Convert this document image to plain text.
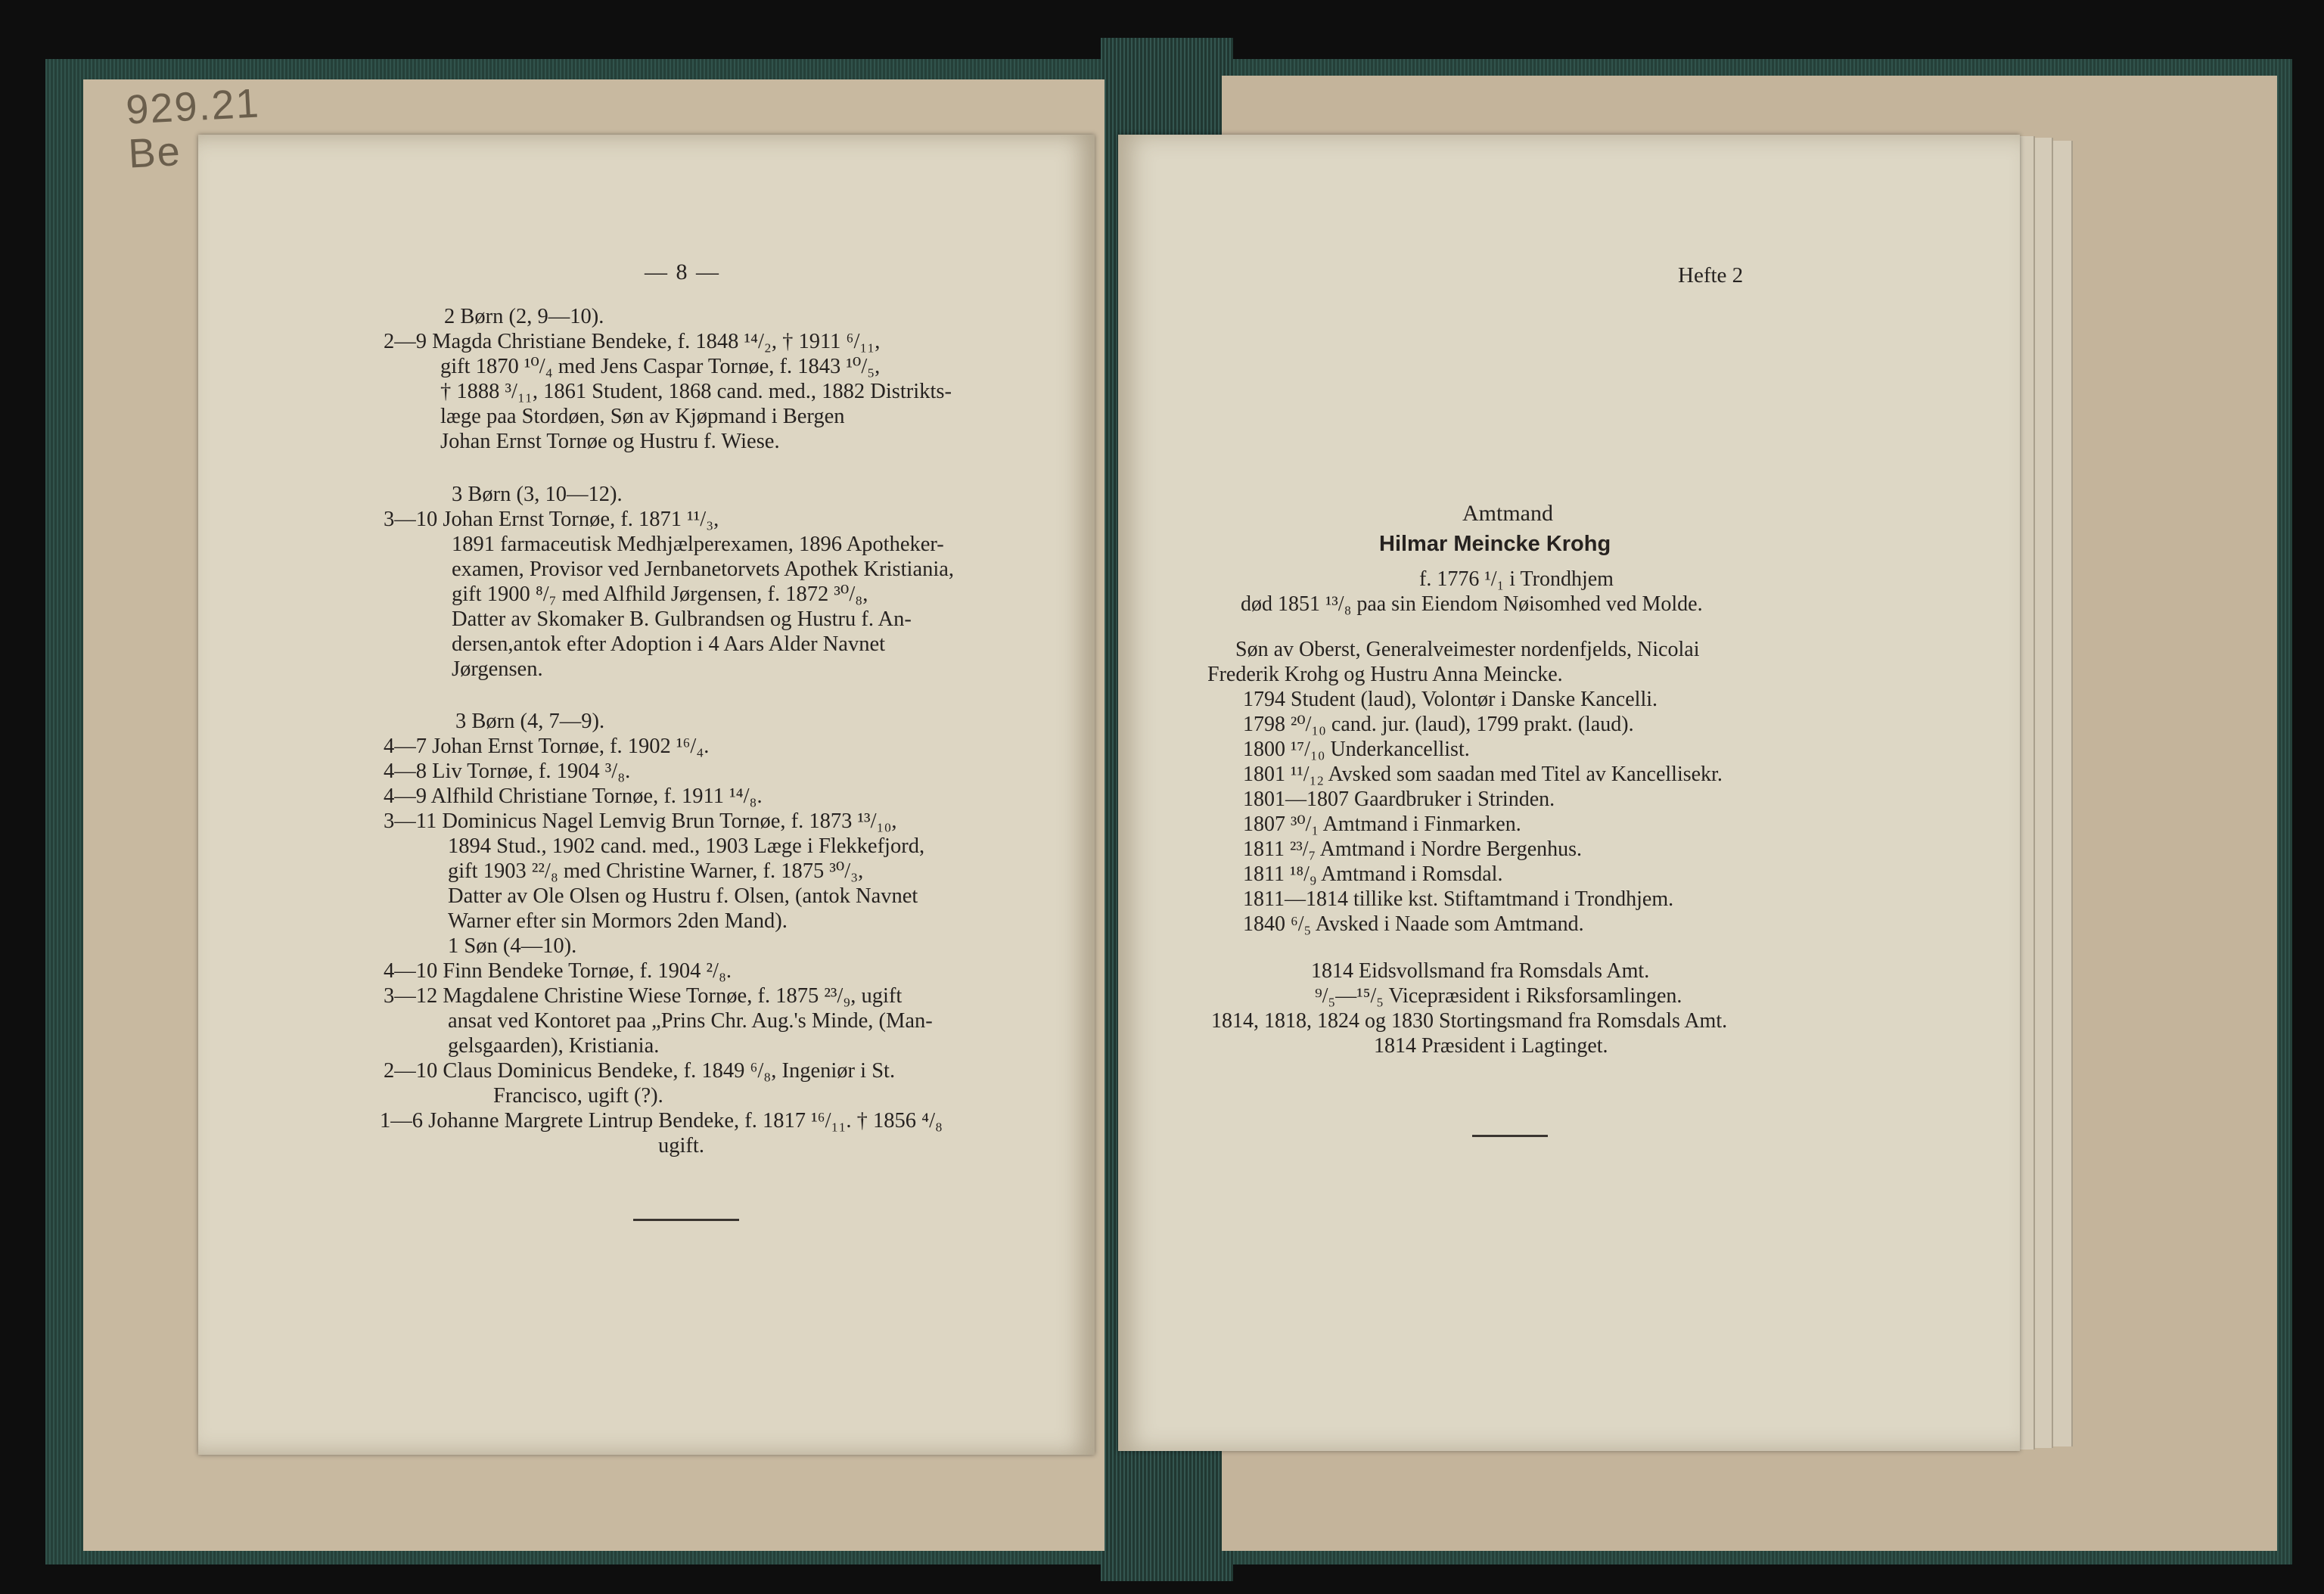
929.21
Be
— 8 —
2 Børn (2, 9—10).
2—9 Magda Christiane Bendeke, f. 1848 ¹⁴/₂, † 1911 ⁶/₁₁,
gift 1870 ¹⁰/₄ med Jens Caspar Tornøe, f. 1843 ¹⁰/₅,
† 1888 ³/₁₁, 1861 Student, 1868 cand. med., 1882 Distrikts-
læge paa Stordøen, Søn av Kjøpmand i Bergen
Johan Ernst Tornøe og Hustru f. Wiese.
3 Børn (3, 10—12).
3—10 Johan Ernst Tornøe, f. 1871 ¹¹/₃,
1891 farmaceutisk Medhjælperexamen, 1896 Apotheker-
examen, Provisor ved Jernbanetorvets Apothek Kristiania,
gift 1900 ⁸/₇ med Alfhild Jørgensen, f. 1872 ³⁰/₈,
Datter av Skomaker B. Gulbrandsen og Hustru f. An-
dersen,antok efter Adoption i 4 Aars Alder Navnet
Jørgensen.
3 Børn (4, 7—9).
4—7 Johan Ernst Tornøe, f. 1902 ¹⁶/₄.
4—8 Liv Tornøe, f. 1904 ³/₈.
4—9 Alfhild Christiane Tornøe, f. 1911 ¹⁴/₈.
3—11 Dominicus Nagel Lemvig Brun Tornøe, f. 1873 ¹³/₁₀,
1894 Stud., 1902 cand. med., 1903 Læge i Flekkefjord,
gift 1903 ²²/₈ med Christine Warner, f. 1875 ³⁰/₃,
Datter av Ole Olsen og Hustru f. Olsen, (antok Navnet
Warner efter sin Mormors 2den Mand).
1 Søn (4—10).
4—10 Finn Bendeke Tornøe, f. 1904 ²/₈.
3—12 Magdalene Christine Wiese Tornøe, f. 1875 ²³/₉, ugift
ansat ved Kontoret paa „Prins Chr. Aug.'s Minde, (Man-
gelsgaarden), Kristiania.
2—10 Claus Dominicus Bendeke, f. 1849 ⁶/₈, Ingeniør i St.
Francisco, ugift (?).
1—6 Johanne Margrete Lintrup Bendeke, f. 1817 ¹⁶/₁₁. † 1856 ⁴/₈
ugift.
Hefte 2
Amtmand
Hilmar Meincke Krohg
f. 1776 ¹/₁ i Trondhjem
død 1851 ¹³/₈ paa sin Eiendom Nøisomhed ved Molde.
Søn av Oberst, Generalveimester nordenfjelds, Nicolai
Frederik Krohg og Hustru Anna Meincke.
1794 Student (laud), Volontør i Danske Kancelli.
1798 ²⁰/₁₀ cand. jur. (laud), 1799 prakt. (laud).
1800 ¹⁷/₁₀ Underkancellist.
1801 ¹¹/₁₂ Avsked som saadan med Titel av Kancellisekr.
1801—1807 Gaardbruker i Strinden.
1807 ³⁰/₁ Amtmand i Finmarken.
1811 ²³/₇ Amtmand i Nordre Bergenhus.
1811 ¹⁸/₉ Amtmand i Romsdal.
1811—1814 tillike kst. Stiftamtmand i Trondhjem.
1840 ⁶/₅ Avsked i Naade som Amtmand.
1814 Eidsvollsmand fra Romsdals Amt.
⁹/₅—¹⁵/₅ Vicepræsident i Riksforsamlingen.
1814, 1818, 1824 og 1830 Stortingsmand fra Romsdals Amt.
1814 Præsident i Lagtinget.
